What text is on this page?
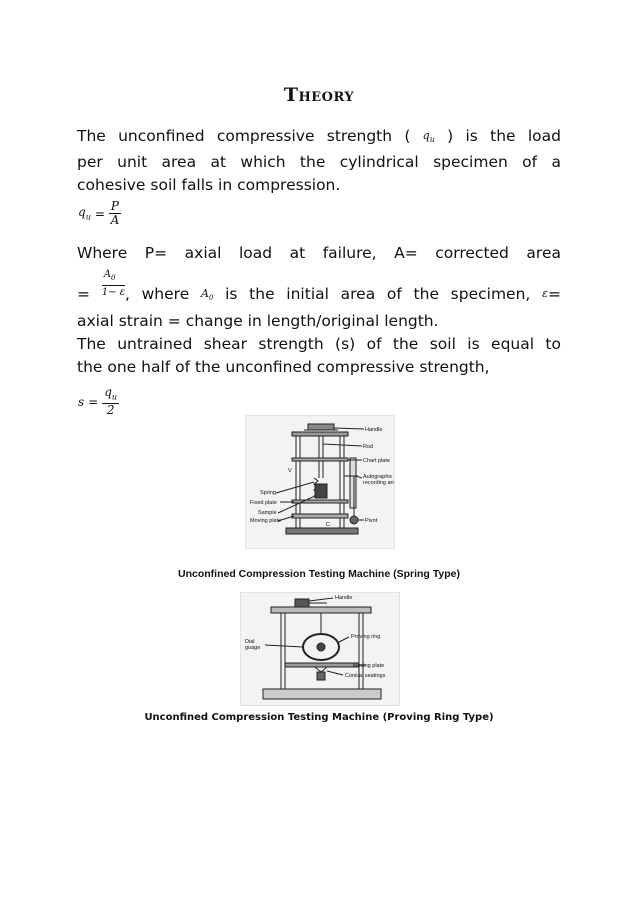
Theory
The unconfined compressive strength ( $q_u$ ) is the load
per unit area at which the cylindrical specimen of a
cohesive soil falls in compression.
$q_u = \frac{P}{A}$
Where P= axial load at failure, A= corrected area
= $\frac{A_0}{1- \varepsilon}$ , where $A_0$ is the initial area of the specimen, ε=
axial strain = change in length/original length.
The untrained shear strength (s) of the soil is equal to
the one half of the unconfined compressive strength,
$s = \frac{q_u}{2}$
Handle
Rod
Chart plate
Autographic
recording arm
Pivot
Spring
Fixed plate
Sample
Moving plate
V
C
Unconfined Compression Testing Machine (Spring Type)
Handle
Proving ring
Dial
guage
Moving plate
Conical seatings
Unconfined Compression Testing Machine (Proving Ring Type)
